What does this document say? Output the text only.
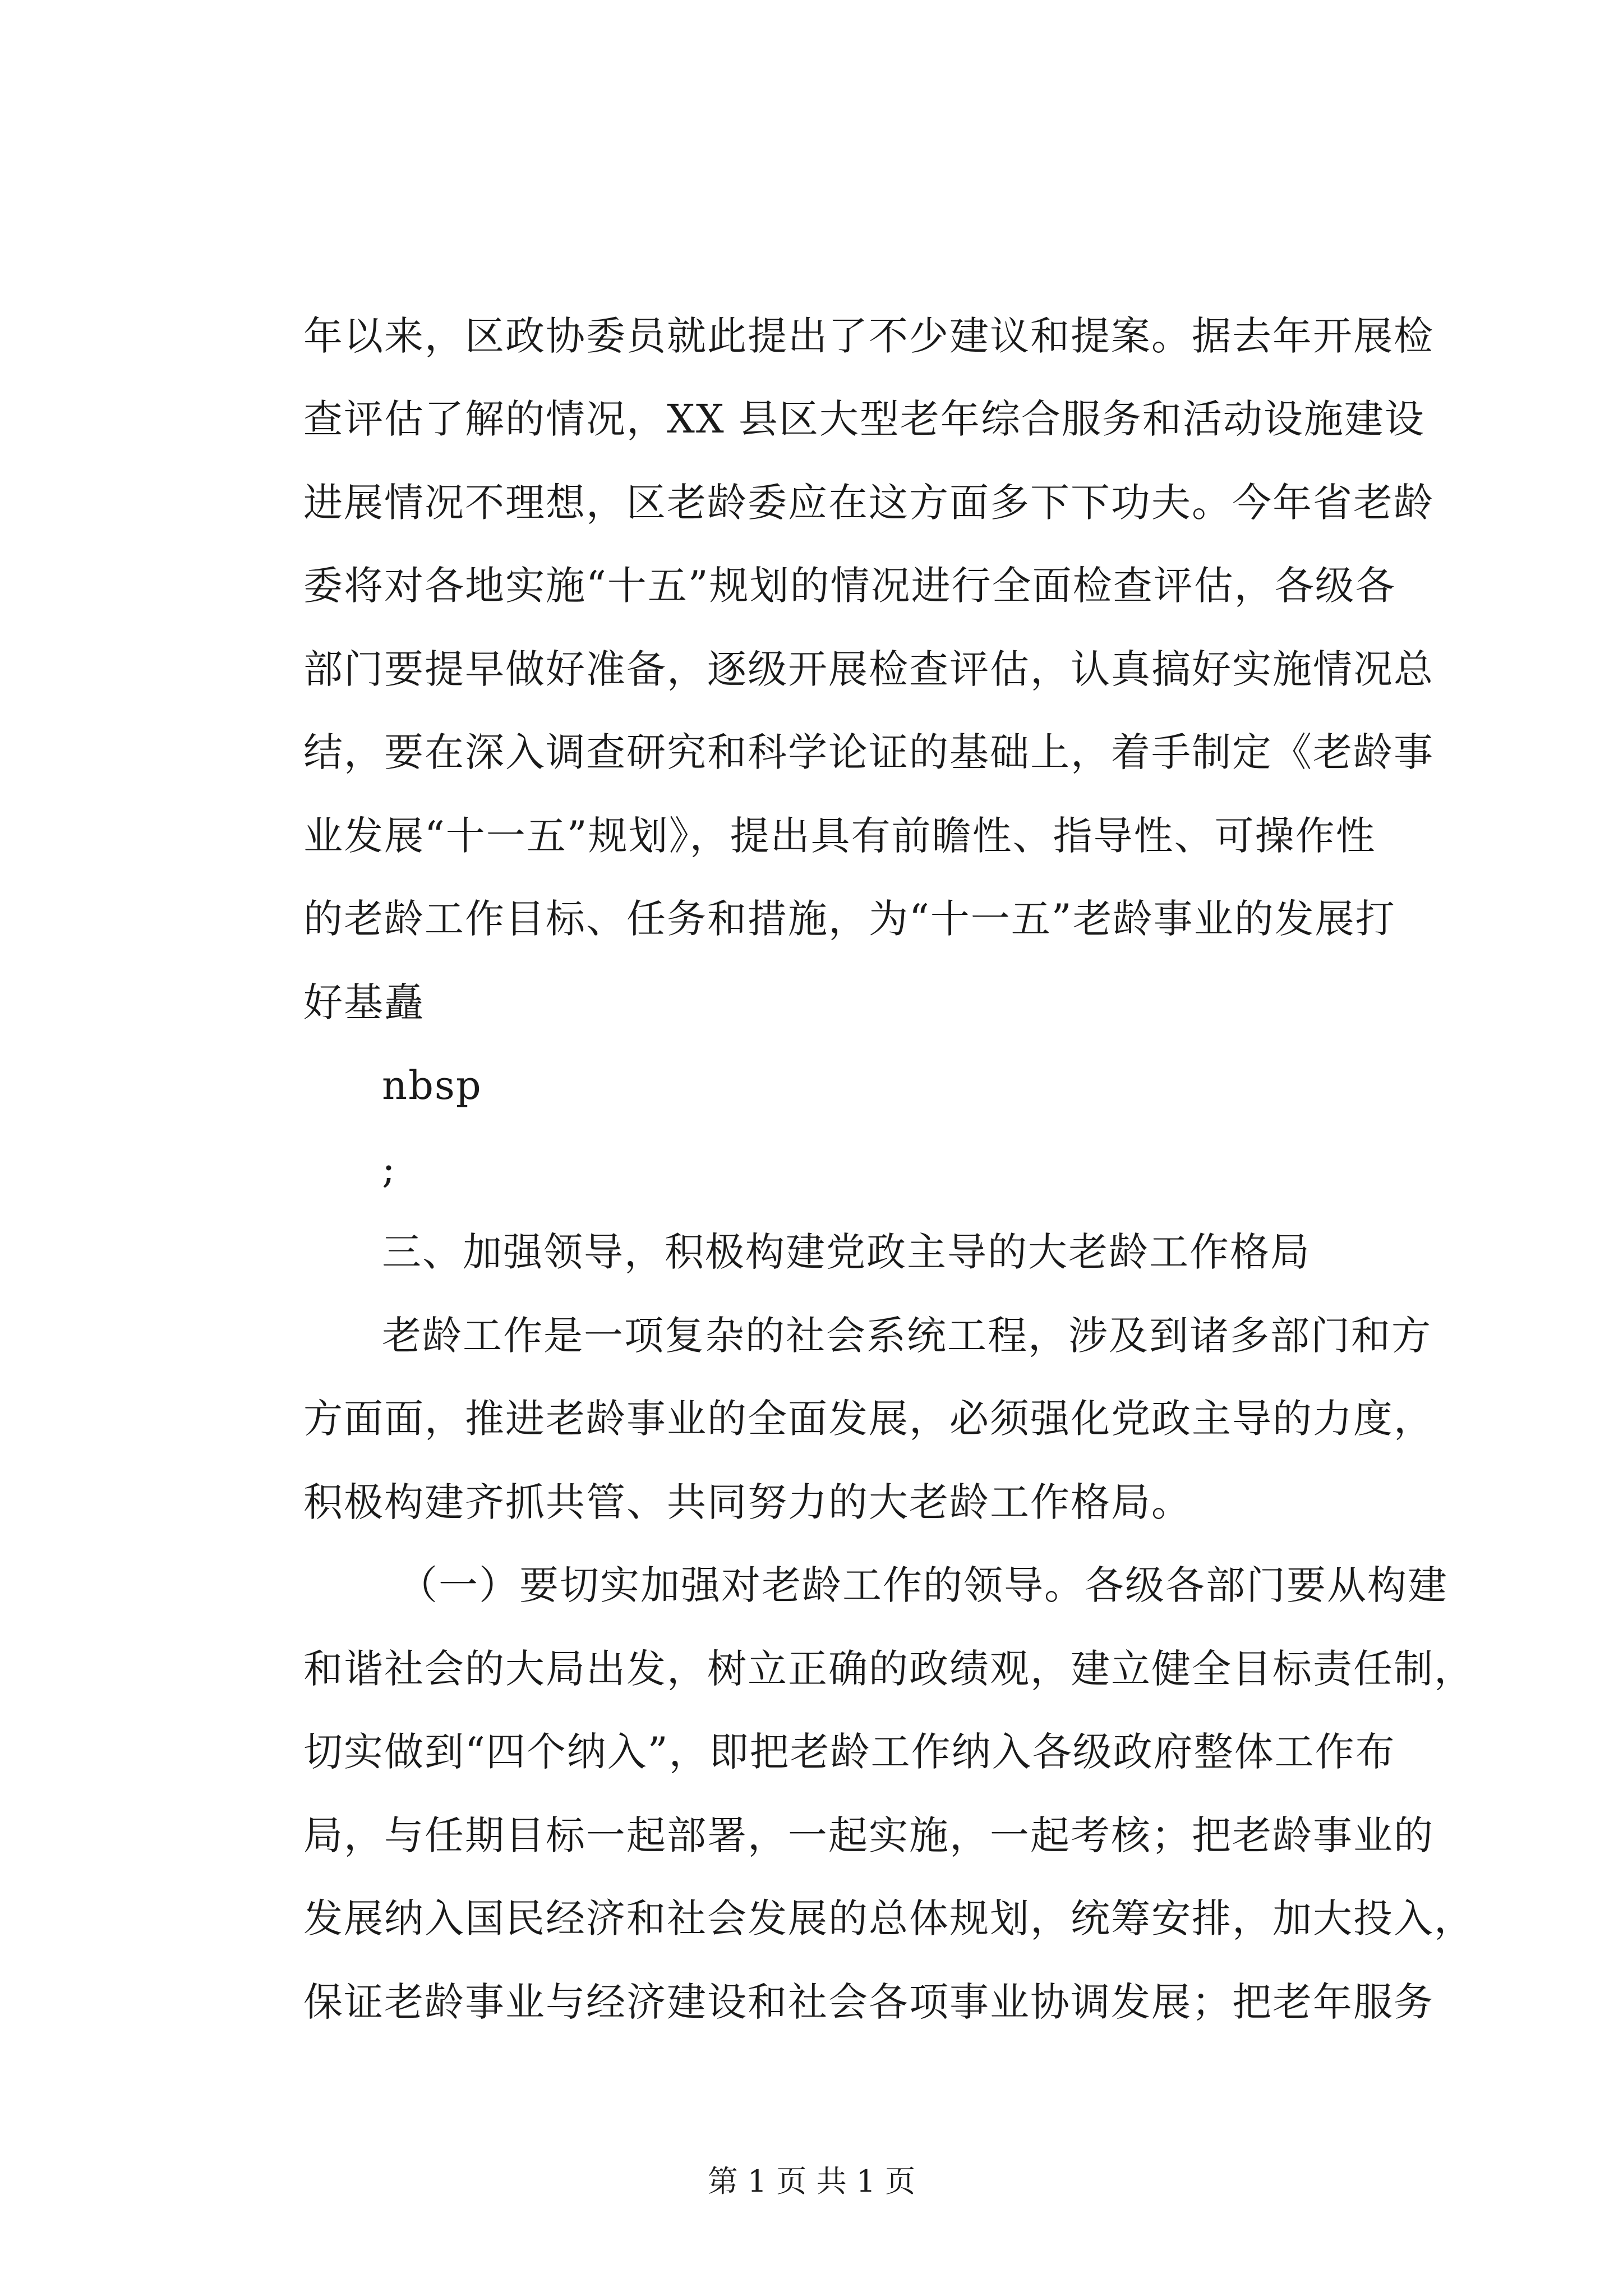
年以来，区政协委员就此提出了不少建议和提案。据去年开展检

查评估了解的情况，XX 县区大型老年综合服务和活动设施建设

进展情况不理想，区老龄委应在这方面多下下功夫。今年省老龄

委将对各地实施“十五”规划的情况进行全面检查评估，各级各

部门要提早做好准备，逐级开展检查评估，认真搞好实施情况总

结，要在深入调查研究和科学论证的基础上，着手制定《老龄事

业发展“十一五”规划》，提出具有前瞻性、指导性、可操作性

的老龄工作目标、任务和措施，为“十一五”老龄事业的发展打

好基矗

nbsp

;

三、加强领导，积极构建党政主导的大老龄工作格局

老龄工作是一项复杂的社会系统工程，涉及到诸多部门和方

方面面，推进老龄事业的全面发展，必须强化党政主导的力度，

积极构建齐抓共管、共同努力的大老龄工作格局。

（一）要切实加强对老龄工作的领导。各级各部门要从构建

和谐社会的大局出发，树立正确的政绩观，建立健全目标责任制，

切实做到“四个纳入”，即把老龄工作纳入各级政府整体工作布

局，与任期目标一起部署，一起实施，一起考核；把老龄事业的

发展纳入国民经济和社会发展的总体规划，统筹安排，加大投入，

保证老龄事业与经济建设和社会各项事业协调发展；把老年服务

第 1 页 共 1 页
